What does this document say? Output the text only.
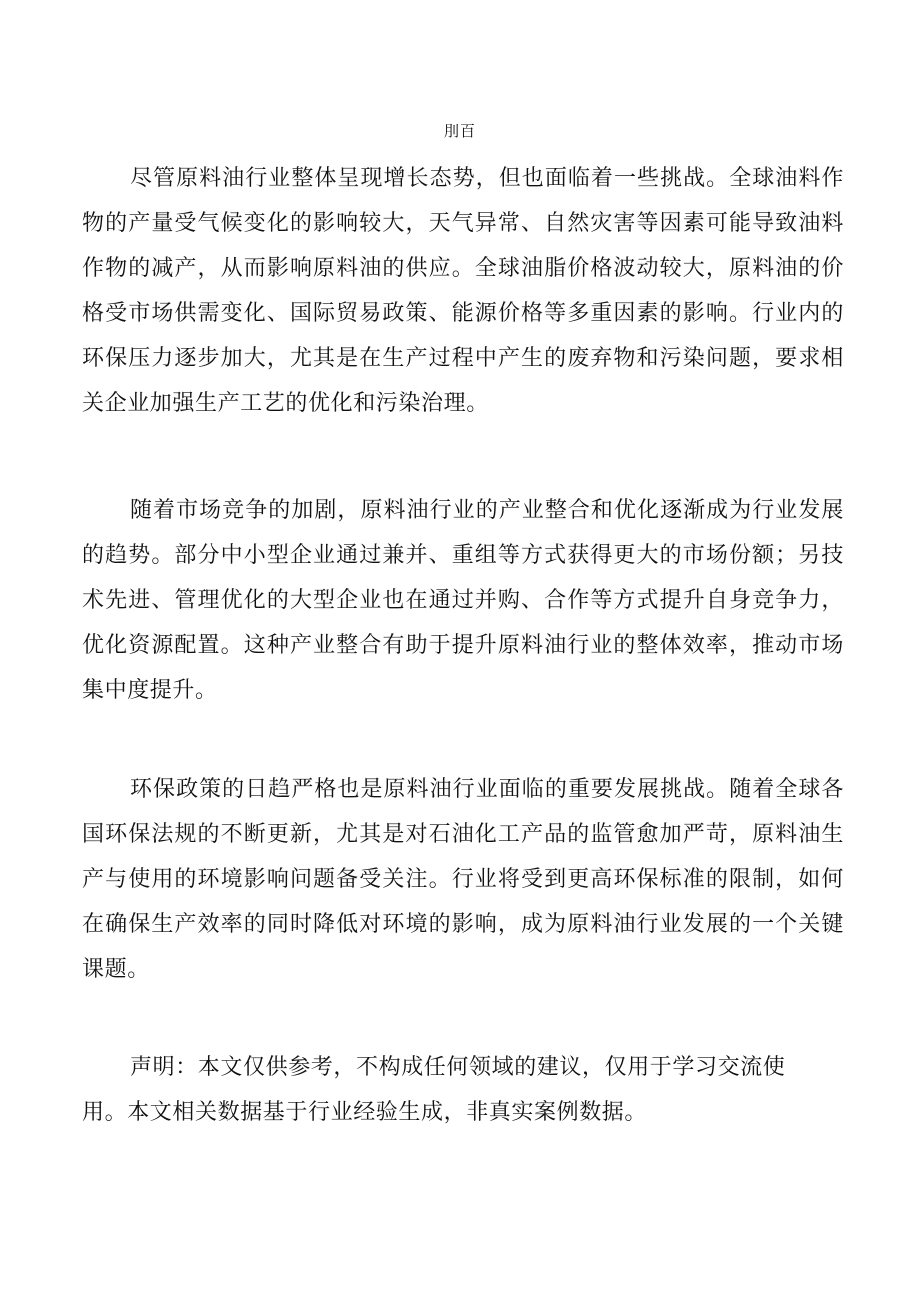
刖百

尽管原料油行业整体呈现增长态势，但也面临着一些挑战。全球油料作物的产量受气候变化的影响较大，天气异常、自然灾害等因素可能导致油料作物的减产，从而影响原料油的供应。全球油脂价格波动较大，原料油的价格受市场供需变化、国际贸易政策、能源价格等多重因素的影响。行业内的环保压力逐步加大，尤其是在生产过程中产生的废弃物和污染问题，要求相关企业加强生产工艺的优化和污染治理。

随着市场竞争的加剧，原料油行业的产业整合和优化逐渐成为行业发展的趋势。部分中小型企业通过兼并、重组等方式获得更大的市场份额；另技术先进、管理优化的大型企业也在通过并购、合作等方式提升自身竞争力，优化资源配置。这种产业整合有助于提升原料油行业的整体效率，推动市场集中度提升。

环保政策的日趋严格也是原料油行业面临的重要发展挑战。随着全球各国环保法规的不断更新，尤其是对石油化工产品的监管愈加严苛，原料油生产与使用的环境影响问题备受关注。行业将受到更高环保标准的限制，如何在确保生产效率的同时降低对环境的影响，成为原料油行业发展的一个关键课题。

声明：本文仅供参考，不构成任何领域的建议，仅用于学习交流使用。本文相关数据基于行业经验生成，非真实案例数据。
